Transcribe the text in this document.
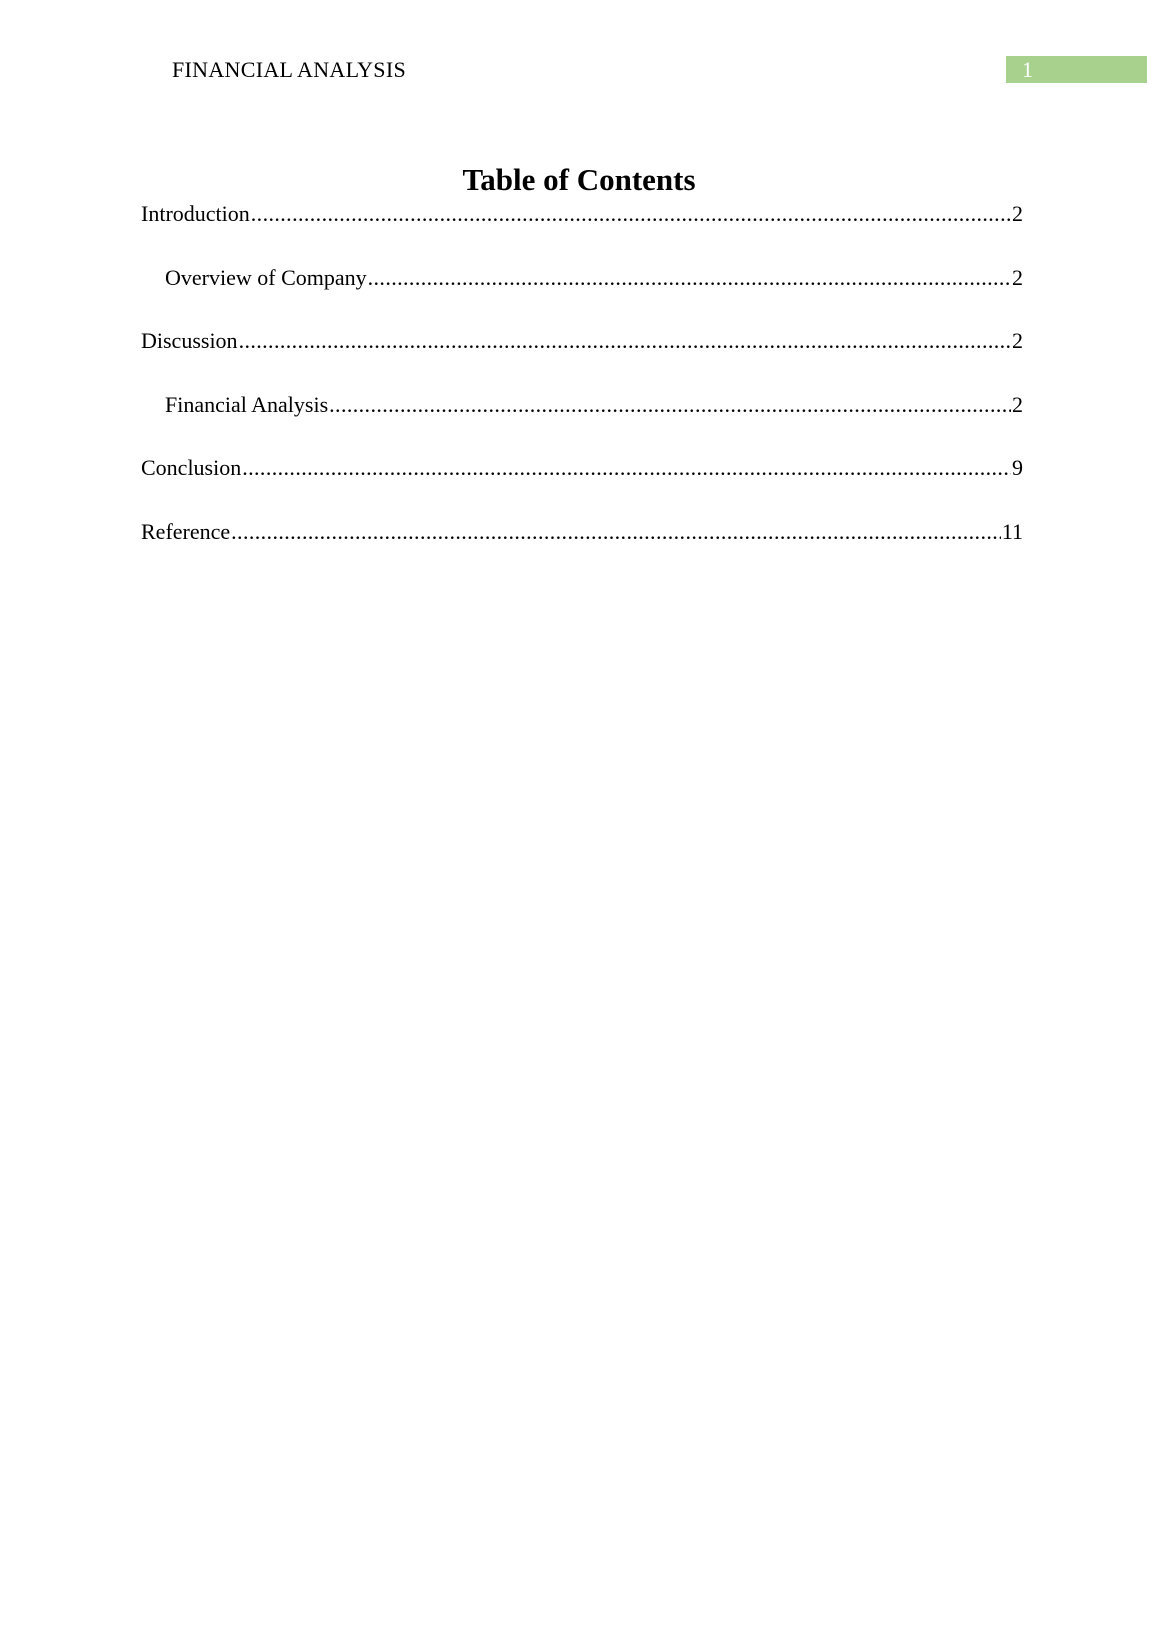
FINANCIAL ANALYSIS	1
Table of Contents
Introduction .....	2
Overview of Company .....	2
Discussion .....	2
Financial Analysis .....	2
Conclusion .....	9
Reference .....	11
